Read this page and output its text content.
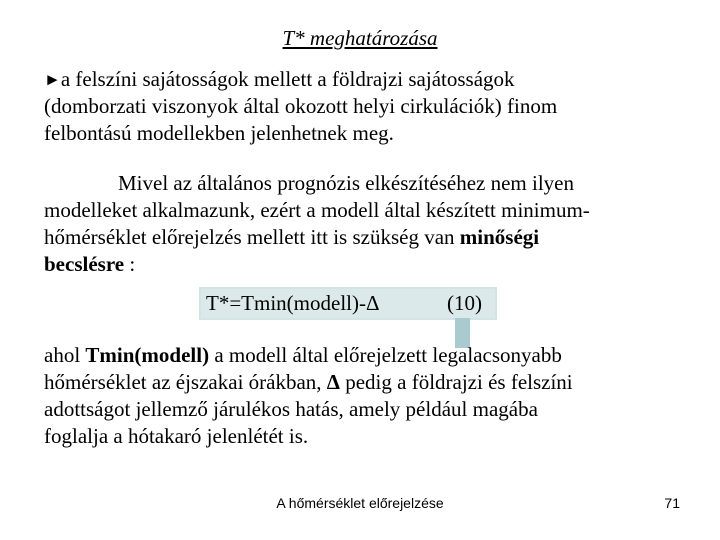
T* meghatározása
►a felszíni sajátosságok mellett a földrajzi sajátosságok
(domborzati viszonyok által okozott helyi cirkulációk) finom
felbontású modellekben jelenhetnek meg.
Mivel az általános prognózis elkészítéséhez nem ilyen
modelleket alkalmazunk, ezért a modell által készített minimum-
hőmérséklet előrejelzés mellett itt is szükség van minőségi
becslésre :
T*=Tmin(modell)-Δ	(10)
ahol Tmin(modell) a modell által előrejelzett legalacsonyabb
hőmérséklet az éjszakai órákban, Δ pedig a földrajzi és felszíni
adottságot jellemző járulékos hatás, amely például magába
foglalja a hótakaró jelenlétét is.
A hőmérséklet előrejelzése	71
